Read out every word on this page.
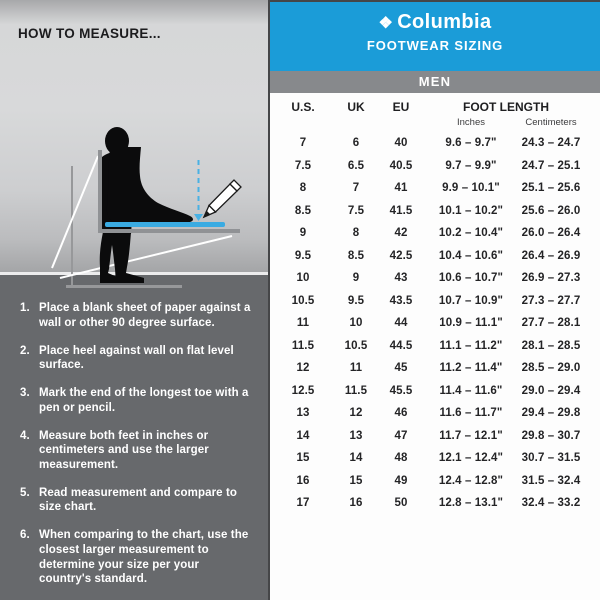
HOW TO MEASURE...
1. Place a blank sheet of paper against a wall or other 90 degree surface.
2. Place heel against wall on flat level surface.
3. Mark the end of the longest toe with a pen or pencil.
4. Measure both feet in inches or centimeters and use the larger measurement.
5. Read measurement and compare to size chart.
6. When comparing to the chart, use the closest larger measurement to determine your size per your country's standard.
❖ Columbia
FOOTWEAR SIZING
MEN
U.S.	UK	EU	FOOT LENGTH
Inches	Centimeters
7	6	40	9.6 – 9.7"	24.3 – 24.7
7.5	6.5	40.5	9.7 – 9.9"	24.7 – 25.1
8	7	41	9.9 – 10.1"	25.1 – 25.6
8.5	7.5	41.5	10.1 – 10.2"	25.6 – 26.0
9	8	42	10.2 – 10.4"	26.0 – 26.4
9.5	8.5	42.5	10.4 – 10.6"	26.4 – 26.9
10	9	43	10.6 – 10.7"	26.9 – 27.3
10.5	9.5	43.5	10.7 – 10.9"	27.3 – 27.7
11	10	44	10.9 – 11.1"	27.7 – 28.1
11.5	10.5	44.5	11.1 – 11.2"	28.1 – 28.5
12	11	45	11.2 – 11.4"	28.5 – 29.0
12.5	11.5	45.5	11.4 – 11.6"	29.0 – 29.4
13	12	46	11.6 – 11.7"	29.4 – 29.8
14	13	47	11.7 – 12.1"	29.8 – 30.7
15	14	48	12.1 – 12.4"	30.7 – 31.5
16	15	49	12.4 – 12.8"	31.5 – 32.4
17	16	50	12.8 – 13.1"	32.4 – 33.2
